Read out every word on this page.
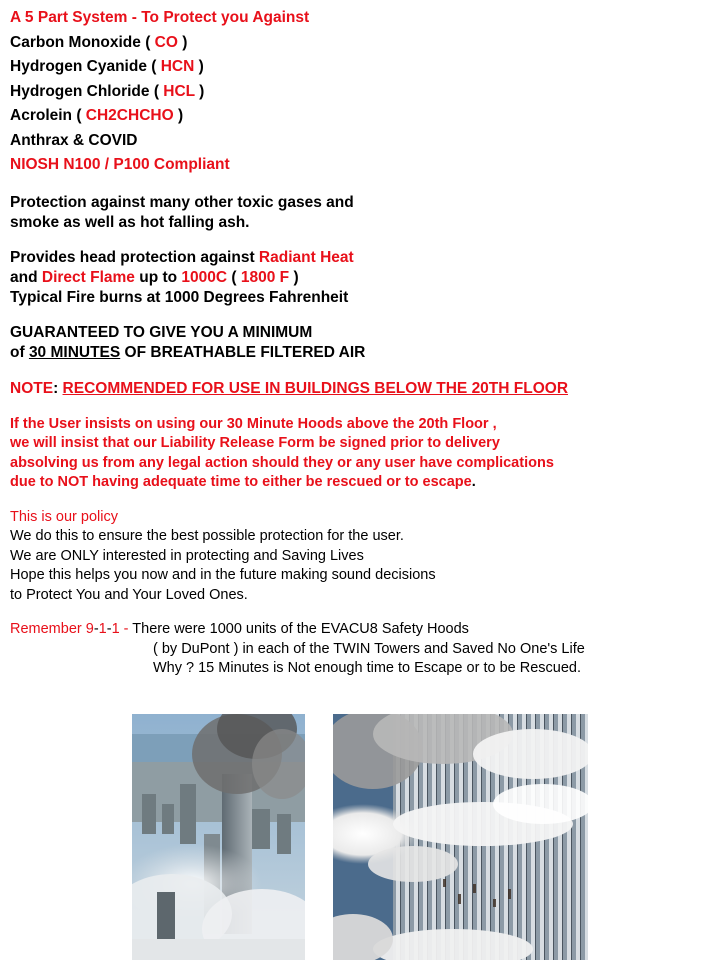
A 5 Part System - To Protect you Against
Carbon Monoxide ( CO )
Hydrogen Cyanide ( HCN )
Hydrogen Chloride ( HCL )
Acrolein ( CH2CHCHO )
Anthrax & COVID
NIOSH N100 / P100 Compliant
Protection against many other toxic gases and
smoke as well as hot falling ash.
Provides head protection against Radiant Heat
and Direct Flame up to 1000C ( 1800 F )
Typical Fire burns at 1000 Degrees Fahrenheit
GUARANTEED TO GIVE YOU A MINIMUM
of 30 MINUTES OF BREATHABLE FILTERED AIR
NOTE: RECOMMENDED FOR USE IN BUILDINGS BELOW THE 20TH FLOOR
If the User insists on using our 30 Minute Hoods above the 20th Floor ,
we will insist that our Liability Release Form be signed prior to delivery
absolving us from any legal action should they or any user have complications
due to NOT having adequate time to either be rescued or to escape.
This is our policy
We do this to ensure the best possible protection for the user.
We are ONLY interested in protecting and Saving Lives
Hope this helps you now and in the future making sound decisions
to Protect You and Your Loved Ones.
Remember 9-1-1 - There were 1000 units of the EVACU8 Safety Hoods
( by DuPont ) in each of the TWIN Towers and Saved No One's Life
Why ? 15 Minutes is Not enough time to Escape or to be Rescued.
